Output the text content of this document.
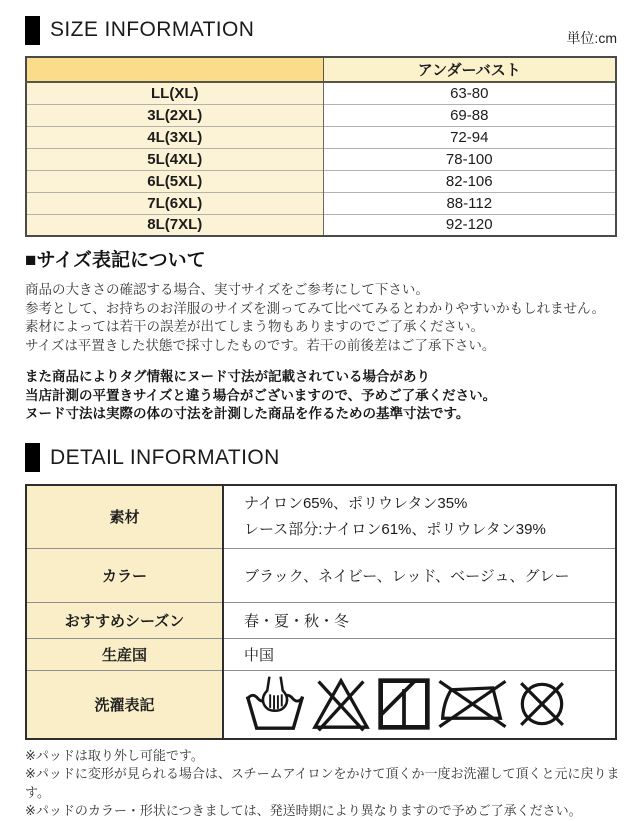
SIZE INFORMATION	単位:cm
	アンダーバスト
LL(XL)	63-80
3L(2XL)	69-88
4L(3XL)	72-94
5L(4XL)	78-100
6L(5XL)	82-106
7L(6XL)	88-112
8L(7XL)	92-120
■サイズ表記について
商品の大きさの確認する場合、実寸サイズをご参考にして下さい。
参考として、お持ちのお洋服のサイズを測ってみて比べてみるとわかりやすいかもしれません。
素材によっては若干の誤差が出てしまう物もありますのでご了承ください。
サイズは平置きした状態で採寸したものです。若干の前後差はご了承下さい。
また商品によりタグ情報にヌード寸法が記載されている場合があり
当店計測の平置きサイズと違う場合がございますので、予めご了承ください。
ヌード寸法は実際の体の寸法を計測した商品を作るための基準寸法です。
DETAIL INFORMATION
素材	ナイロン65%、ポリウレタン35%
レース部分:ナイロン61%、ポリウレタン39%

カラー	ブラック、ネイビー、レッド、ベージュ、グレー
おすすめシーズン	春・夏・秋・冬
生産国	中国
洗濯表記	
※パッドは取り外し可能です。
※パッドに変形が見られる場合は、スチームアイロンをかけて頂くか一度お洗濯して頂くと元に戻ります。
※パッドのカラー・形状につきましては、発送時期により異なりますので予めご了承ください。
